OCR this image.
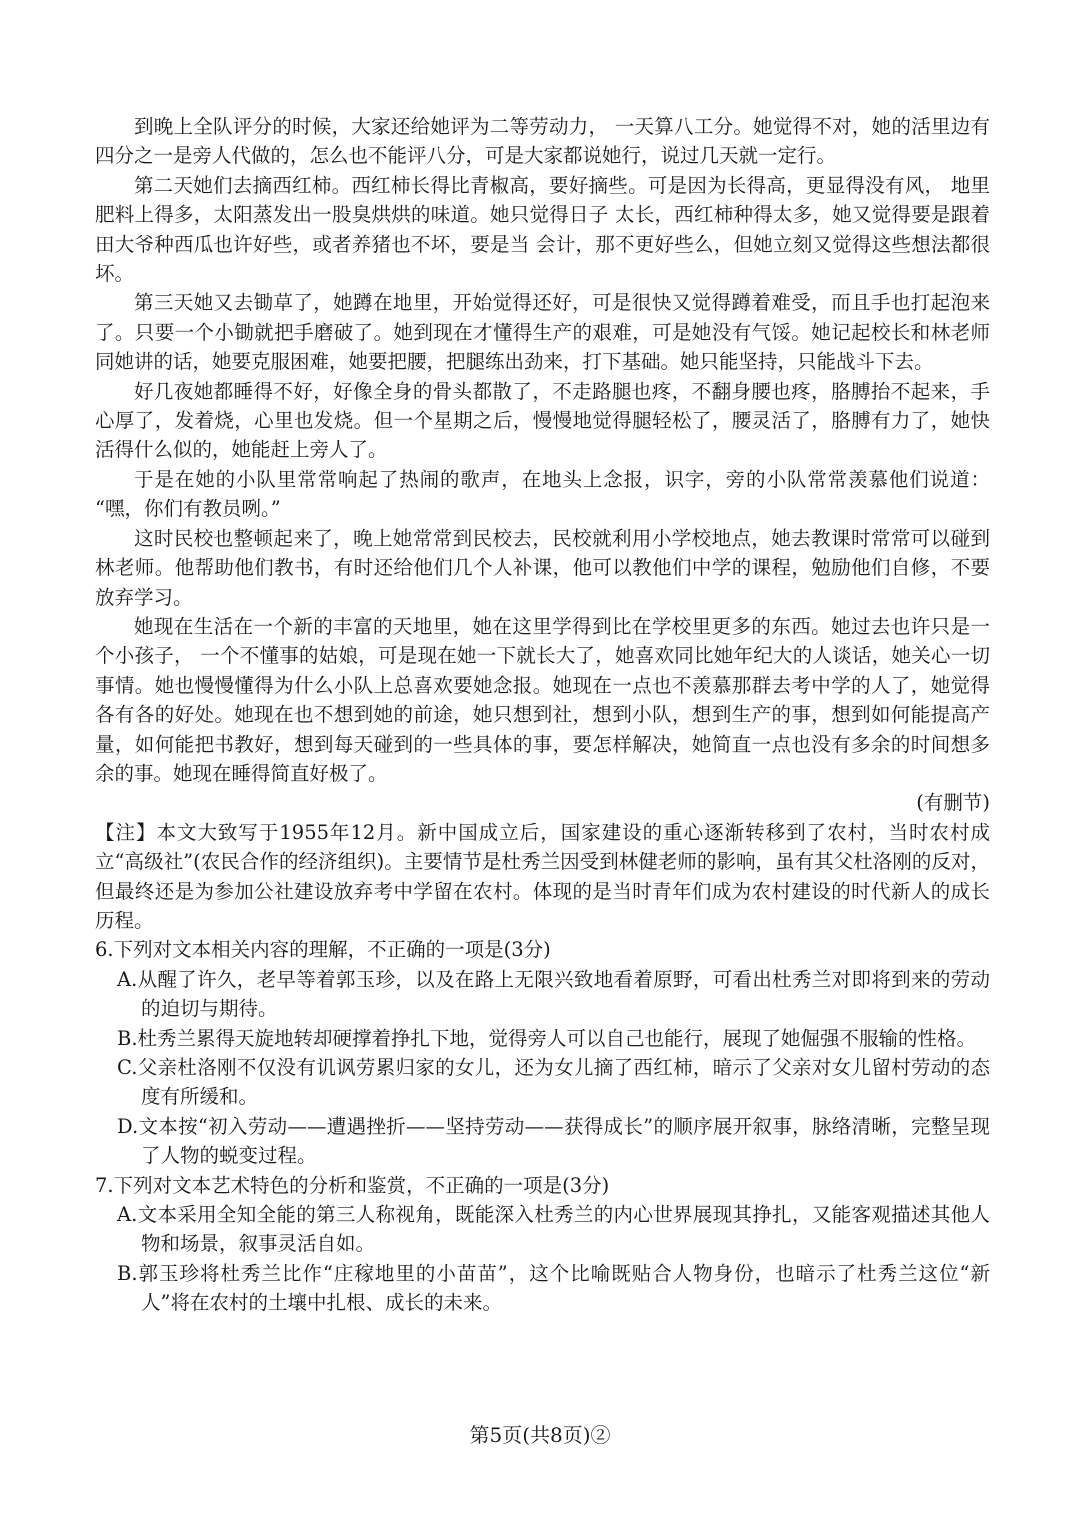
到晚上全队评分的时候，大家还给她评为二等劳动力， 一天算八工分。她觉得不对，她的活里边有四分之一是旁人代做的，怎么也不能评八分，可是大家都说她行，说过几天就一定行。

第二天她们去摘西红柿。西红柿长得比青椒高，要好摘些。可是因为长得高，更显得没有风， 地里肥料上得多，太阳蒸发出一股臭烘烘的味道。她只觉得日子 太长，西红柿种得太多，她又觉得要是跟着田大爷种西瓜也许好些，或者养猪也不坏，要是当 会计，那不更好些么，但她立刻又觉得这些想法都很坏。

第三天她又去锄草了，她蹲在地里，开始觉得还好，可是很快又觉得蹲着难受，而且手也打起泡来了。只要一个小锄就把手磨破了。她到现在才懂得生产的艰难，可是她没有气馁。她记起校长和林老师同她讲的话，她要克服困难，她要把腰，把腿练出劲来，打下基础。她只能坚持，只能战斗下去。

好几夜她都睡得不好，好像全身的骨头都散了，不走路腿也疼，不翻身腰也疼，胳膊抬不起来，手心厚了，发着烧，心里也发烧。但一个星期之后，慢慢地觉得腿轻松了，腰灵活了，胳膊有力了，她快活得什么似的，她能赶上旁人了。

于是在她的小队里常常响起了热闹的歌声，在地头上念报，识字，旁的小队常常羡慕他们说道： “嘿，你们有教员咧。”

这时民校也整顿起来了，晚上她常常到民校去，民校就利用小学校地点，她去教课时常常可以碰到林老师。他帮助他们教书，有时还给他们几个人补课，他可以教他们中学的课程，勉励他们自修，不要放弃学习。

她现在生活在一个新的丰富的天地里，她在这里学得到比在学校里更多的东西。她过去也许只是一个小孩子， 一个不懂事的姑娘，可是现在她一下就长大了，她喜欢同比她年纪大的人谈话，她关心一切事情。她也慢慢懂得为什么小队上总喜欢要她念报。她现在一点也不羡慕那群去考中学的人了，她觉得各有各的好处。她现在也不想到她的前途，她只想到社，想到小队，想到生产的事，想到如何能提高产量，如何能把书教好，想到每天碰到的一些具体的事，要怎样解决，她简直一点也没有多余的时间想多余的事。她现在睡得简直好极了。

(有删节)

【注】本文大致写于1955年12月。新中国成立后，国家建设的重心逐渐转移到了农村，当时农村成立“高级社”(农民合作的经济组织)。主要情节是杜秀兰因受到林健老师的影响，虽有其父杜洛刚的反对，但最终还是为参加公社建设放弃考中学留在农村。体现的是当时青年们成为农村建设的时代新人的成长历程。

6.下列对文本相关内容的理解，不正确的一项是(3分)

A.从醒了许久，老早等着郭玉珍，以及在路上无限兴致地看着原野，可看出杜秀兰对即将到来的劳动的迫切与期待。

B.杜秀兰累得天旋地转却硬撑着挣扎下地，觉得旁人可以自己也能行，展现了她倔强不服输的性格。

C.父亲杜洛刚不仅没有讥讽劳累归家的女儿，还为女儿摘了西红柿，暗示了父亲对女儿留村劳动的态度有所缓和。

D.文本按“初入劳动——遭遇挫折——坚持劳动——获得成长”的顺序展开叙事，脉络清晰，完整呈现了人物的蜕变过程。

7.下列对文本艺术特色的分析和鉴赏，不正确的一项是(3分)

A.文本采用全知全能的第三人称视角，既能深入杜秀兰的内心世界展现其挣扎，又能客观描述其他人物和场景，叙事灵活自如。

B.郭玉珍将杜秀兰比作“庄稼地里的小苗苗”，这个比喻既贴合人物身份，也暗示了杜秀兰这位“新人”将在农村的土壤中扎根、成长的未来。

第5页(共8页)②
